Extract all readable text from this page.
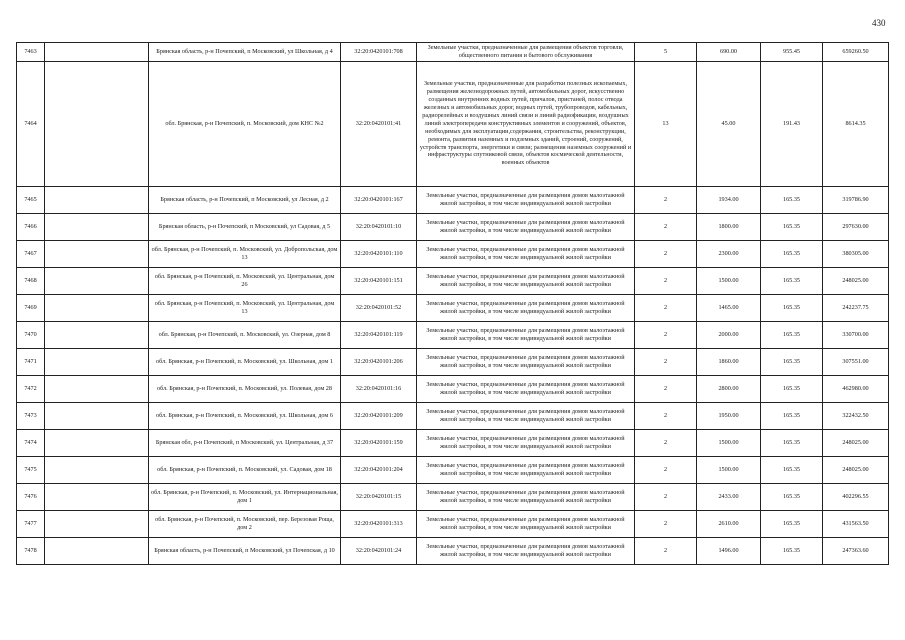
430
7463		Брянская область, р-н Почепский, п Московский, ул Школьная, д 4	32:20:0420101:708	Земельные участки, предназначенные для размещения объектов торговли, общественного питания и бытового обслуживания	5	690.00	955.45	659260.50
7464		обл. Брянская, р-н Почепский, п. Московский, дом КНС №2	32:20:0420101:41	Земельные участки, предназначенные для разработки полезных ископаемых, размещения железнодорожных путей, автомобильных дорог, искусственно созданных внутренних водных путей, причалов, пристаней, полос отвода железных и автомобильных дорог, водных путей, трубопроводов, кабельных, радиорелейных и воздушных линий связи и линий радиофикации, воздушных линий электропередачи конструктивных элементов и сооружений, объектов, необходимых для эксплуатации,содержания, строительства, реконструкции, ремонта, развития наземных и подземных зданий, строений, сооружений, устройств транспорта, энергетики и связи; размещения наземных сооружений и инфраструктуры спутниковой связи, объектов космической деятельности, военных объектов	13	45.00	191.43	8614.35
7465		Брянская область, р-н Почепский, п Московский, ул Лесная, д 2	32:20:0420101:167	Земельные участки, предназначенные для размещения домов малоэтажной жилой застройки, в том числе индивидуальной жилой застройки	2	1934.00	165.35	319786.90
7466		Брянская область, р-н Почепский, п Московский, ул Садовая, д 5	32:20:0420101:10	Земельные участки, предназначенные для размещения домов малоэтажной жилой застройки, в том числе индивидуальной жилой застройки	2	1800.00	165.35	297630.00
7467		обл. Брянская, р-н Почепский, п. Московский, ул. Добропольская, дом 13	32:20:0420101:110	Земельные участки, предназначенные для размещения домов малоэтажной жилой застройки, в том числе индивидуальной жилой застройки	2	2300.00	165.35	380305.00
7468		обл. Брянская, р-н Почепский, п. Московский, ул. Центральная, дом 26	32:20:0420101:151	Земельные участки, предназначенные для размещения домов малоэтажной жилой застройки, в том числе индивидуальной жилой застройки	2	1500.00	165.35	248025.00
7469		обл. Брянская, р-н Почепский, п. Московский, ул. Центральная, дом 13	32:20:0420101:52	Земельные участки, предназначенные для размещения домов малоэтажной жилой застройки, в том числе индивидуальной жилой застройки	2	1465.00	165.35	242237.75
7470		обл. Брянская, р-н Почепский, п. Московский, ул. Озерная, дом 8	32:20:0420101:119	Земельные участки, предназначенные для размещения домов малоэтажной жилой застройки, в том числе индивидуальной жилой застройки	2	2000.00	165.35	330700.00
7471		обл. Брянская, р-н Почепский, п. Московский, ул. Школьная, дом 1	32:20:0420101:206	Земельные участки, предназначенные для размещения домов малоэтажной жилой застройки, в том числе индивидуальной жилой застройки	2	1860.00	165.35	307551.00
7472		обл. Брянская, р-н Почепский, п. Московский, ул. Полевая, дом 28	32:20:0420101:16	Земельные участки, предназначенные для размещения домов малоэтажной жилой застройки, в том числе индивидуальной жилой застройки	2	2800.00	165.35	462980.00
7473		обл. Брянская, р-н Почепский, п. Московский, ул. Школьная, дом 6	32:20:0420101:209	Земельные участки, предназначенные для размещения домов малоэтажной жилой застройки, в том числе индивидуальной жилой застройки	2	1950.00	165.35	322432.50
7474		Брянская обл, р-н Почепский, п Московский, ул. Центральная, д 37	32:20:0420101:159	Земельные участки, предназначенные для размещения домов малоэтажной жилой застройки, в том числе индивидуальной жилой застройки	2	1500.00	165.35	248025.00
7475		обл. Брянская, р-н Почепский, п. Московский, ул. Садовая, дом 18	32:20:0420101:204	Земельные участки, предназначенные для размещения домов малоэтажной жилой застройки, в том числе индивидуальной жилой застройки	2	1500.00	165.35	248025.00
7476		обл. Брянская, р-н Почепский, п. Московский, ул. Интернациональная, дом 1	32:20:0420101:15	Земельные участки, предназначенные для размещения домов малоэтажной жилой застройки, в том числе индивидуальной жилой застройки	2	2433.00	165.35	402296.55
7477		обл. Брянская, р-н Почепский, п. Московский, пер. Березовая Роща, дом 2	32:20:0420101:313	Земельные участки, предназначенные для размещения домов малоэтажной жилой застройки, в том числе индивидуальной жилой застройки	2	2610.00	165.35	431563.50
7478		Брянская область, р-н Почепский, п Московский, ул Почепская, д 10	32:20:0420101:24	Земельные участки, предназначенные для размещения домов малоэтажной жилой застройки, в том числе индивидуальной жилой застройки	2	1496.00	165.35	247363.60
